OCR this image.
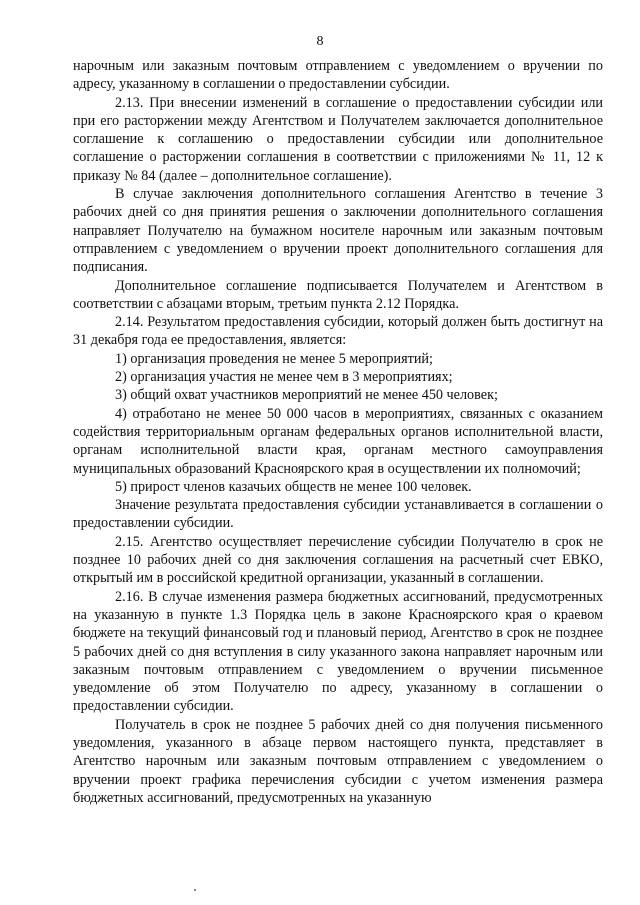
8

нарочным или заказным почтовым отправлением с уведомлением о вручении по адресу, указанному в соглашении о предоставлении субсидии.

2.13. При внесении изменений в соглашение о предоставлении субсидии или при его расторжении между Агентством и Получателем заключается дополнительное соглашение к соглашению о предоставлении субсидии или дополнительное соглашение о расторжении соглашения в соответствии с приложениями № 11, 12 к приказу № 84 (далее – дополнительное соглашение).

В случае заключения дополнительного соглашения Агентство в течение 3 рабочих дней со дня принятия решения о заключении дополнительного соглашения направляет Получателю на бумажном носителе нарочным или заказным почтовым отправлением с уведомлением о вручении проект дополнительного соглашения для подписания.

Дополнительное соглашение подписывается Получателем и Агентством в соответствии с абзацами вторым, третьим пункта 2.12 Порядка.

2.14. Результатом предоставления субсидии, который должен быть достигнут на 31 декабря года ее предоставления, является:

1) организация проведения не менее 5 мероприятий;

2) организация участия не менее чем в 3 мероприятиях;

3) общий охват участников мероприятий не менее 450 человек;

4) отработано не менее 50 000 часов в мероприятиях, связанных с оказанием содействия территориальным органам федеральных органов исполнительной власти, органам исполнительной власти края, органам местного самоуправления муниципальных образований Красноярского края в осуществлении их полномочий;

5) прирост членов казачьих обществ не менее 100 человек.

Значение результата предоставления субсидии устанавливается в соглашении о предоставлении субсидии.

2.15. Агентство осуществляет перечисление субсидии Получателю в срок не позднее 10 рабочих дней со дня заключения соглашения на расчетный счет ЕВКО, открытый им в российской кредитной организации, указанный в соглашении.

2.16. В случае изменения размера бюджетных ассигнований, предусмотренных на указанную в пункте 1.3 Порядка цель в законе Красноярского края о краевом бюджете на текущий финансовый год и плановый период, Агентство в срок не позднее 5 рабочих дней со дня вступления в силу указанного закона направляет нарочным или заказным почтовым отправлением с уведомлением о вручении письменное уведомление об этом Получателю по адресу, указанному в соглашении о предоставлении субсидии.

Получатель в срок не позднее 5 рабочих дней со дня получения письменного уведомления, указанного в абзаце первом настоящего пункта, представляет в Агентство нарочным или заказным почтовым отправлением с уведомлением о вручении проект графика перечисления субсидии с учетом изменения размера бюджетных ассигнований, предусмотренных на указанную
